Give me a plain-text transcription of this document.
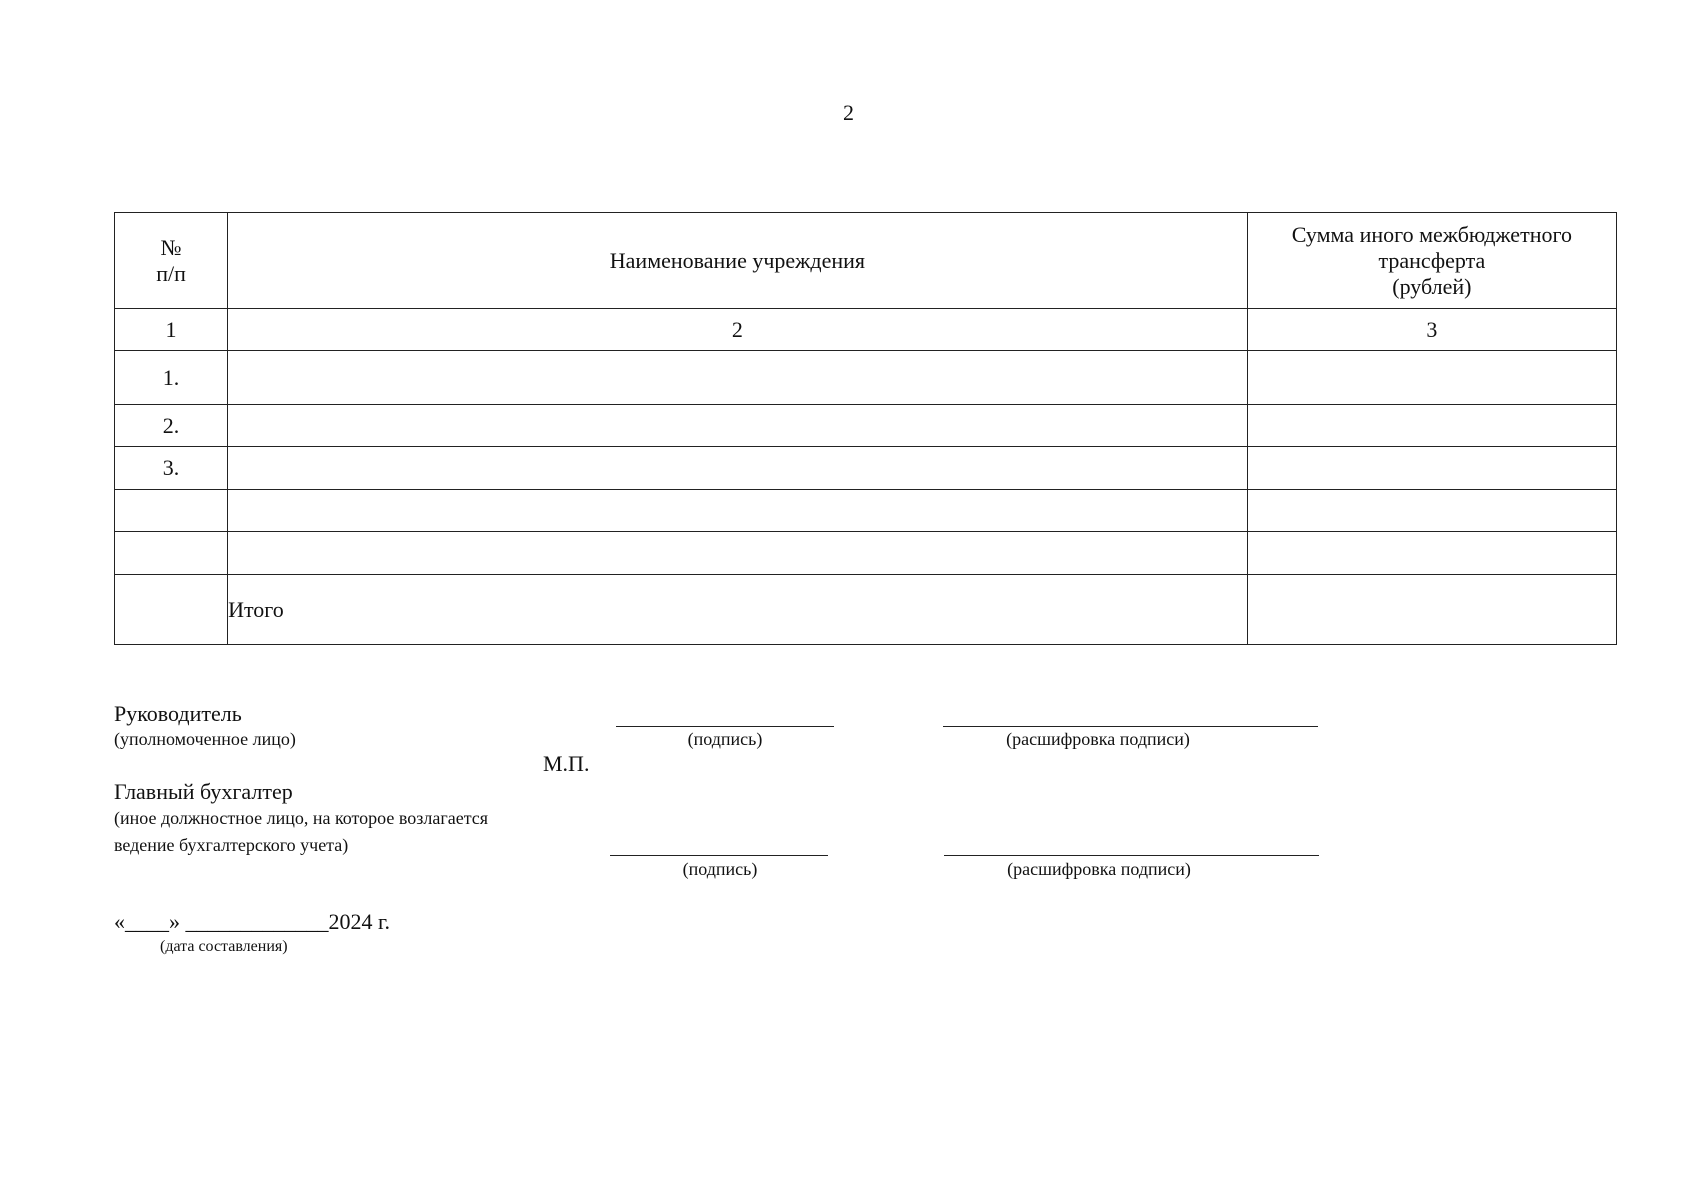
2
№
п/п	Наименование учреждения	Сумма иного межбюджетного
трансферта
(рублей)
1	2	3
1.		
2.		
3.		

	Итого	
Руководитель
(уполномоченное лицо)	(подпись)	(расшифровка подписи)
М.П.
Главный бухгалтер
(иное должностное лицо, на которое возлагается
ведение бухгалтерского учета)
(подпись)	(расшифровка подписи)
«____» _____________2024 г.
(дата составления)
